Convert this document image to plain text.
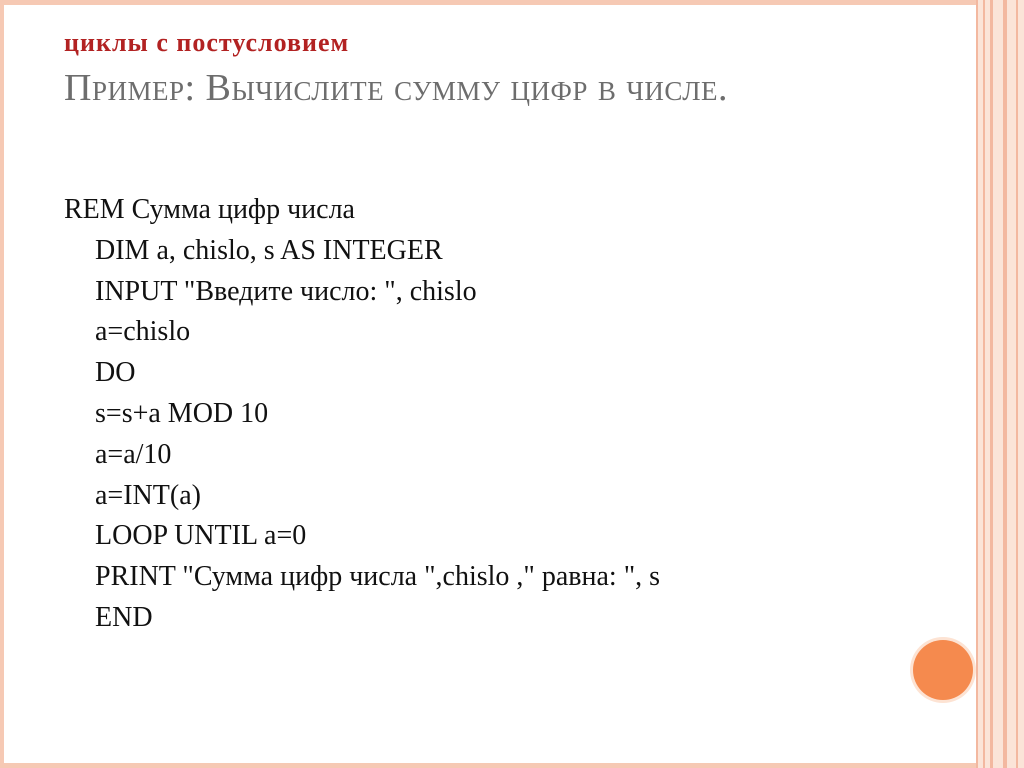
циклы с постусловием
Пример: Вычислите сумму цифр в числе.
REM Сумма цифр числа
DIM a, chislo, s AS INTEGER
INPUT "Введите число: ", chislo
a=chislo
DO
s=s+a MOD 10
a=a/10
a=INT(a)
LOOP UNTIL a=0
PRINT "Сумма цифр числа ",chislo ," равна: ", s
END
